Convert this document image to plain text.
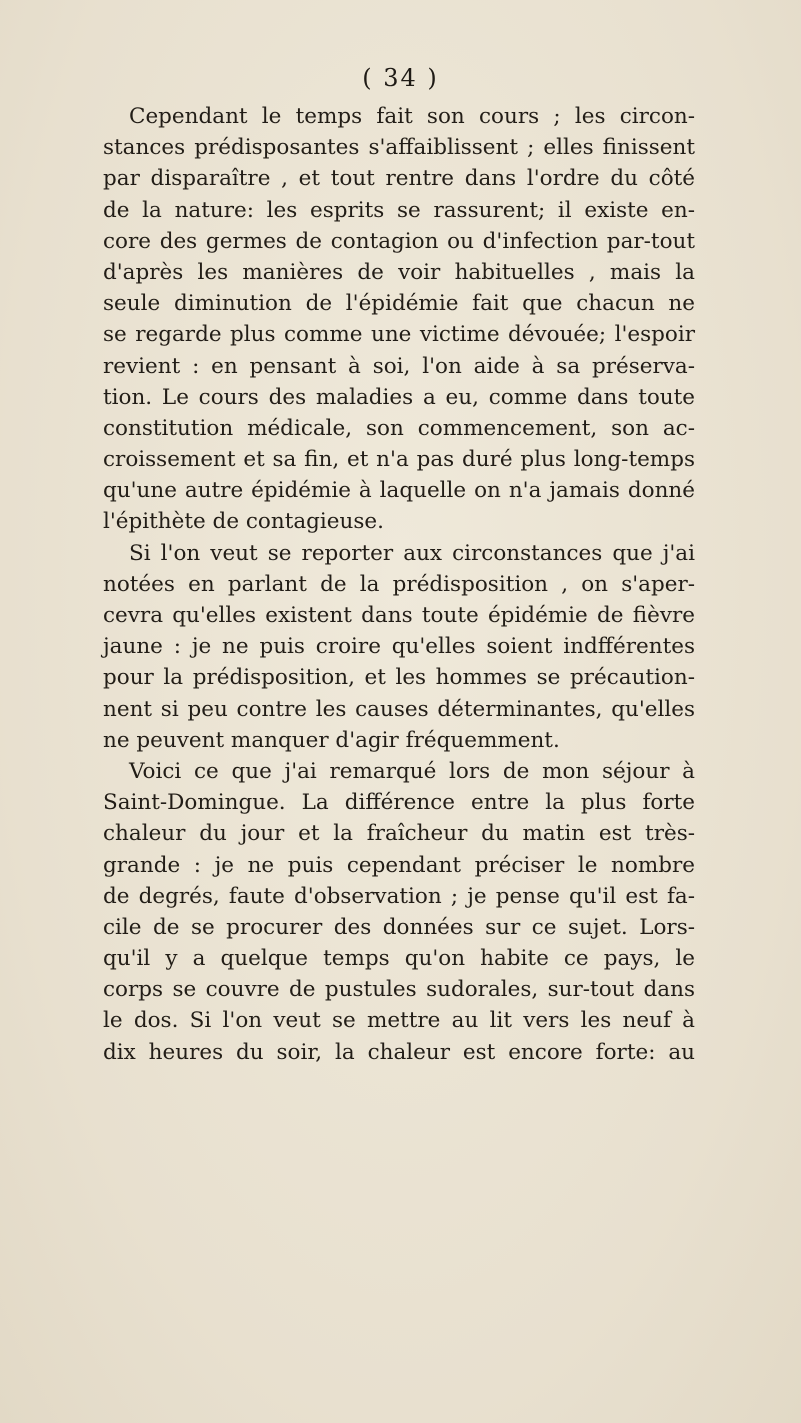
( 34 )
Cependant le temps fait son cours ; les circon-
stances prédisposantes s'affaiblissent ; elles finissent
par disparaître , et tout rentre dans l'ordre du côté
de la nature: les esprits se rassurent; il existe en-
core des germes de contagion ou d'infection par-tout
d'après les manières de voir habituelles , mais la
seule diminution de l'épidémie fait que chacun ne
se regarde plus comme une victime dévouée; l'espoir
revient : en pensant à soi, l'on aide à sa préserva-
tion. Le cours des maladies a eu, comme dans toute
constitution médicale, son commencement, son ac-
croissement et sa fin, et n'a pas duré plus long-temps
qu'une autre épidémie à laquelle on n'a jamais donné
l'épithète de contagieuse.
Si l'on veut se reporter aux circonstances que j'ai
notées en parlant de la prédisposition , on s'aper-
cevra qu'elles existent dans toute épidémie de fièvre
jaune : je ne puis croire qu'elles soient indfférentes
pour la prédisposition, et les hommes se précaution-
nent si peu contre les causes déterminantes, qu'elles
ne peuvent manquer d'agir fréquemment.
Voici ce que j'ai remarqué lors de mon séjour à
Saint-Domingue. La différence entre la plus forte
chaleur du jour et la fraîcheur du matin est très-
grande : je ne puis cependant préciser le nombre
de degrés, faute d'observation ; je pense qu'il est fa-
cile de se procurer des données sur ce sujet. Lors-
qu'il y a quelque temps qu'on habite ce pays, le
corps se couvre de pustules sudorales, sur-tout dans
le dos. Si l'on veut se mettre au lit vers les neuf à
dix heures du soir, la chaleur est encore forte: au
